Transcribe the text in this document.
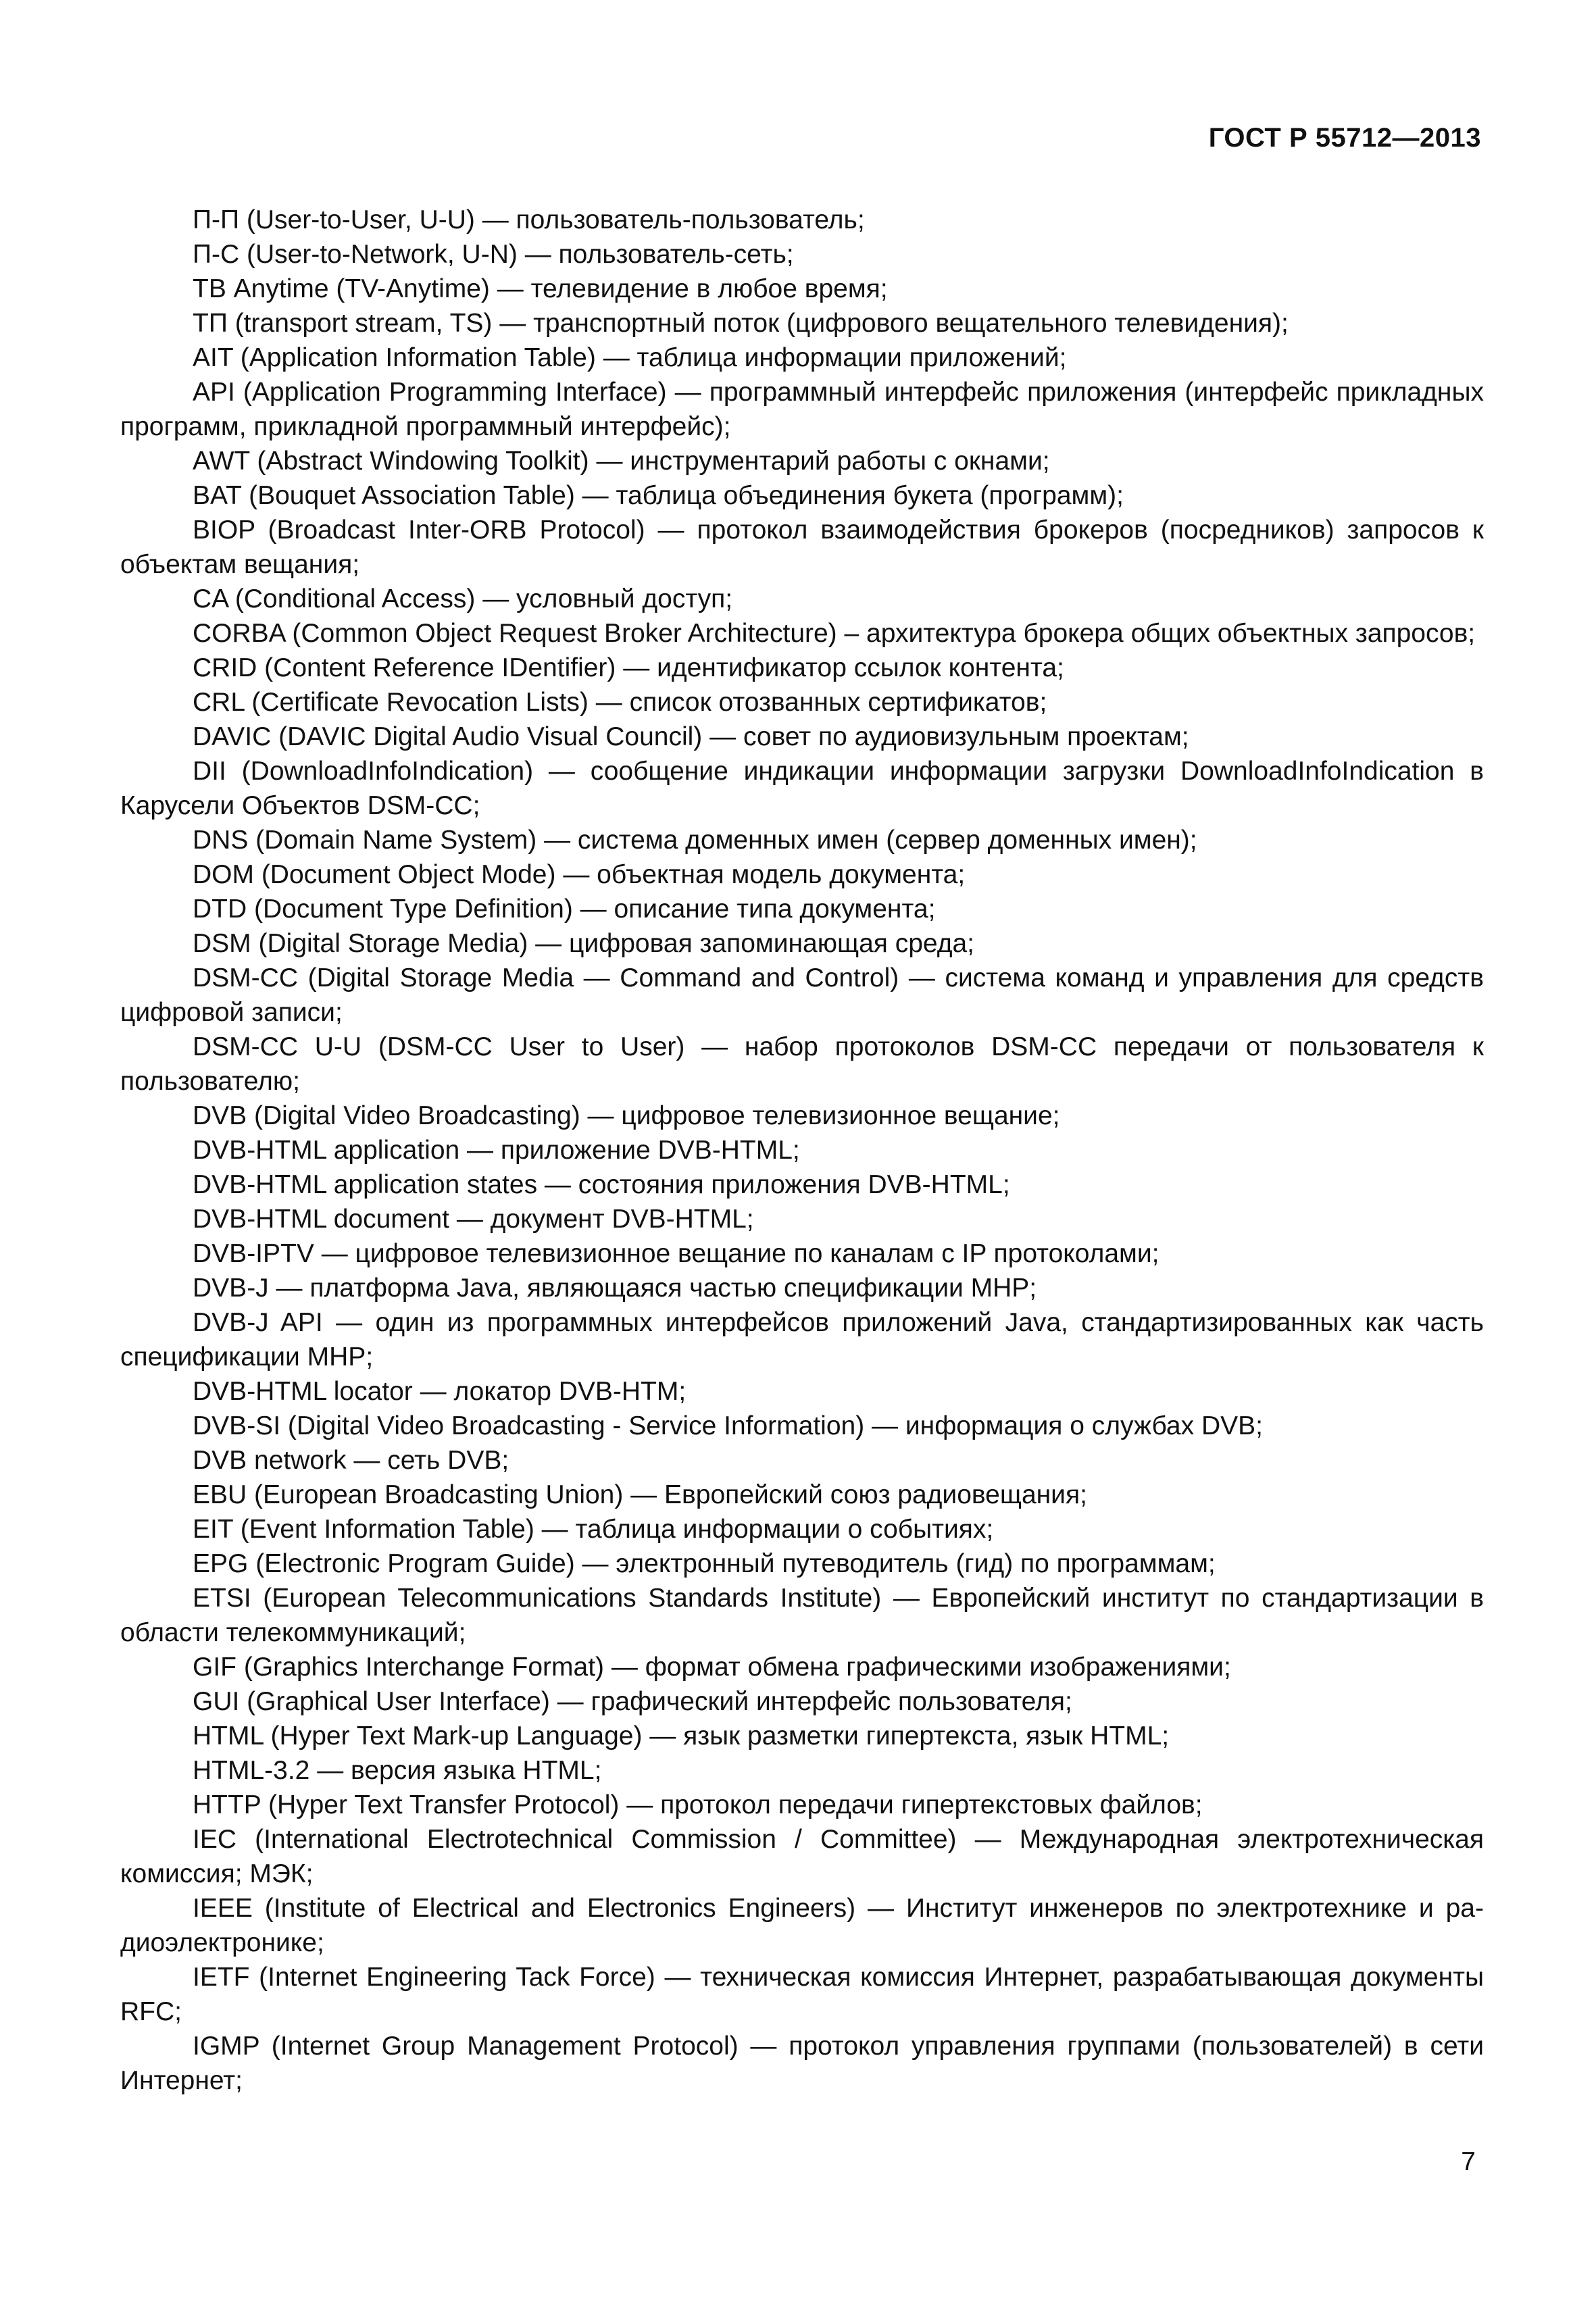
ГОСТ Р 55712—2013

П-П (User-to-User, U-U) — пользователь-пользователь;

П-С (User-to-Network, U-N) — пользователь-сеть;

ТВ Anytime (TV-Anytime) — телевидение в любое время;

ТП (transport stream, TS) — транспортный поток (цифрового вещательного телевидения);

AIT (Application Information Table) — таблица информации приложений;

API (Application Programming Interface) — программный интерфейс приложения (интерфейс прикладных программ, прикладной программный интерфейс);

AWT (Abstract Windowing Toolkit) — инструментарий работы с окнами;

BAT (Bouquet Association Table) — таблица объединения букета (программ);

BIOP (Broadcast Inter-ORB Protocol) — протокол взаимодействия брокеров (посредников) запросов к объектам вещания;

CA (Conditional Access) — условный доступ;

CORBA (Common Object Request Broker Architecture) – архитектура брокера общих объектных запросов;

CRID (Content Reference IDentifier) — идентификатор ссылок контента;

CRL (Certificate Revocation Lists) — список отозванных сертификатов;

DAVIC (DAVIC Digital Audio Visual Council) — совет по аудиовизульным проектам;

DII (DownloadInfoIndication) — сообщение индикации информации загрузки DownloadInfoIndication в Карусели Объектов DSM-CC;

DNS (Domain Name System) — система доменных имен (сервер доменных имен);

DOM (Document Object Mode) — объектная модель документа;

DTD (Document Type Definition) — описание типа документа;

DSM (Digital Storage Media) — цифровая запоминающая среда;

DSM-CC (Digital Storage Media — Command and Control) — система команд и управления для средств цифровой записи;

DSM-CC U-U (DSM-CC User to User) — набор протоколов DSM-CC передачи от пользователя к пользователю;

DVB (Digital Video Broadcasting) — цифровое телевизионное вещание;

DVB-HTML application — приложение DVB-HTML;

DVB-HTML application states — состояния приложения DVB-HTML;

DVB-HTML document — документ DVB-HTML;

DVB-IPTV — цифровое телевизионное вещание по каналам с IP протоколами;

DVB-J — платформа Java, являющаяся частью спецификации MHP;

DVB-J API — один из программных интерфейсов приложений Java, стандартизированных как часть спецификации MHP;

DVB-HTML locator — локатор DVB-HTM;

DVB-SI (Digital Video Broadcasting - Service Information) — информация о службах DVB;

DVB network — сеть DVB;

EBU (European Broadcasting Union) — Европейский союз радиовещания;

EIT (Event Information Table) — таблица информации о событиях;

EPG (Electronic Program Guide) — электронный путеводитель (гид) по программам;

ETSI (European Telecommunications Standards Institute) — Европейский институт по стандартизации в области телекоммуникаций;

GIF (Graphics Interchange Format) — формат обмена графическими изображениями;

GUI (Graphical User Interface) — графический интерфейс пользователя;

HTML (Hyper Text Mark-up Language) — язык разметки гипертекста, язык HTML;

HTML-3.2 — версия языка HTML;

HTTP (Hyper Text Transfer Protocol) — протокол передачи гипертекстовых файлов;

IEC (International Electrotechnical Commission / Committee) — Международная электротехническая комиссия; МЭК;

IEEE (Institute of Electrical and Electronics Engineers) — Институт инженеров по электротехнике и радиоэлектронике;

IETF (Internet Engineering Tack Force) — техническая комиссия Интернет, разрабатывающая документы RFC;

IGMP (Internet Group Management Protocol) — протокол управления группами (пользователей) в сети Интернет;

7
